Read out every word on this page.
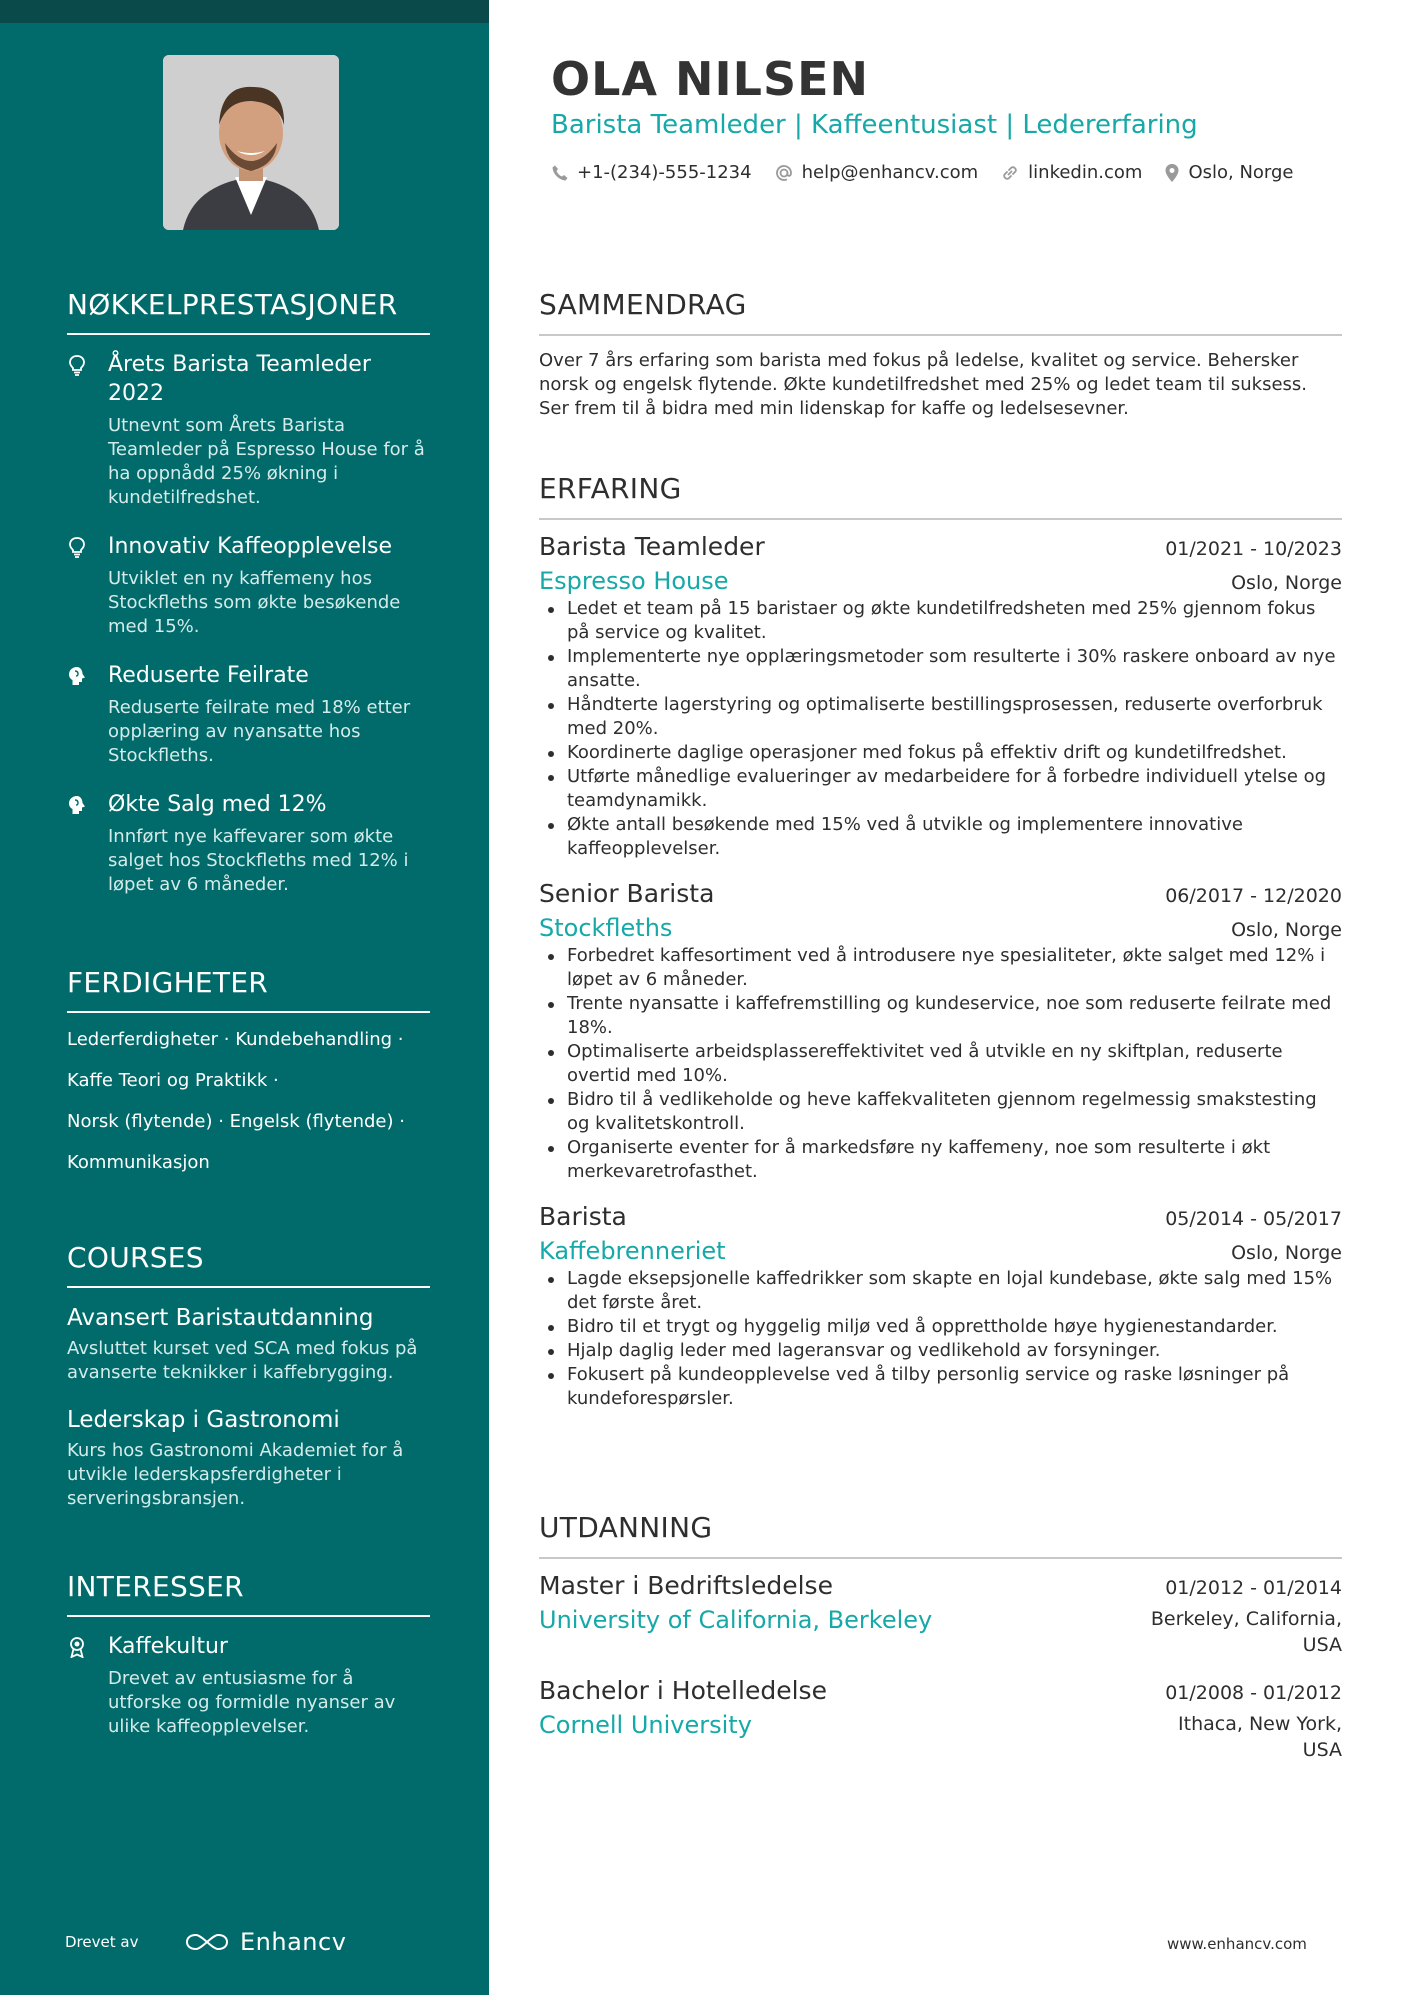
NØKKELPRESTASJONER
Årets Barista Teamleder 2022
Utnevnt som Årets Barista Teamleder på Espresso House for å ha oppnådd 25% økning i kundetilfredshet.
Innovativ Kaffeopplevelse
Utviklet en ny kaffemeny hos Stockfleths som økte besøkende med 15%.
Reduserte Feilrate
Reduserte feilrate med 18% etter opplæring av nyansatte hos Stockfleths.
Økte Salg med 12%
Innført nye kaffevarer som økte salget hos Stockfleths med 12% i løpet av 6 måneder.
FERDIGHETER
Lederferdigheter · Kundebehandling ·
Kaffe Teori og Praktikk ·
Norsk (flytende) · Engelsk (flytende) ·
Kommunikasjon
COURSES
Avansert Baristautdanning
Avsluttet kurset ved SCA med fokus på avanserte teknikker i kaffebrygging.
Lederskap i Gastronomi
Kurs hos Gastronomi Akademiet for å utvikle lederskapsferdigheter i serveringsbransjen.
INTERESSER
Kaffekultur
Drevet av entusiasme for å utforske og formidle nyanser av ulike kaffeopplevelser.
Drevet av	Enhancv
OLA NILSEN
Barista Teamleder | Kaffeentusiast | Ledererfaring
+1-(234)-555-1234	help@enhancv.com	linkedin.com	Oslo, Norge
SAMMENDRAG
Over 7 års erfaring som barista med fokus på ledelse, kvalitet og service. Behersker norsk og engelsk flytende. Økte kundetilfredshet med 25% og ledet team til suksess. Ser frem til å bidra med min lidenskap for kaffe og ledelsesevner.
ERFARING
Barista Teamleder	01/2021 - 10/2023
Espresso House	Oslo, Norge
Ledet et team på 15 baristaer og økte kundetilfredsheten med 25% gjennom fokus på service og kvalitet.
Implementerte nye opplæringsmetoder som resulterte i 30% raskere onboard av nye ansatte.
Håndterte lagerstyring og optimaliserte bestillingsprosessen, reduserte overforbruk med 20%.
Koordinerte daglige operasjoner med fokus på effektiv drift og kundetilfredshet.
Utførte månedlige evalueringer av medarbeidere for å forbedre individuell ytelse og teamdynamikk.
Økte antall besøkende med 15% ved å utvikle og implementere innovative kaffeopplevelser.
Senior Barista	06/2017 - 12/2020
Stockfleths	Oslo, Norge
Forbedret kaffesortiment ved å introdusere nye spesialiteter, økte salget med 12% i løpet av 6 måneder.
Trente nyansatte i kaffefremstilling og kundeservice, noe som reduserte feilrate med 18%.
Optimaliserte arbeidsplassereffektivitet ved å utvikle en ny skiftplan, reduserte overtid med 10%.
Bidro til å vedlikeholde og heve kaffekvaliteten gjennom regelmessig smakstesting og kvalitetskontroll.
Organiserte eventer for å markedsføre ny kaffemeny, noe som resulterte i økt merkevaretrofasthet.
Barista	05/2014 - 05/2017
Kaffebrenneriet	Oslo, Norge
Lagde eksepsjonelle kaffedrikker som skapte en lojal kundebase, økte salg med 15% det første året.
Bidro til et trygt og hyggelig miljø ved å opprettholde høye hygienestandarder.
Hjalp daglig leder med lageransvar og vedlikehold av forsyninger.
Fokusert på kundeopplevelse ved å tilby personlig service og raske løsninger på kundeforespørsler.
UTDANNING
Master i Bedriftsledelse	01/2012 - 01/2014
University of California, Berkeley	Berkeley, California,
USA
Bachelor i Hotelledelse	01/2008 - 01/2012
Cornell University	Ithaca, New York,
USA
www.enhancv.com
